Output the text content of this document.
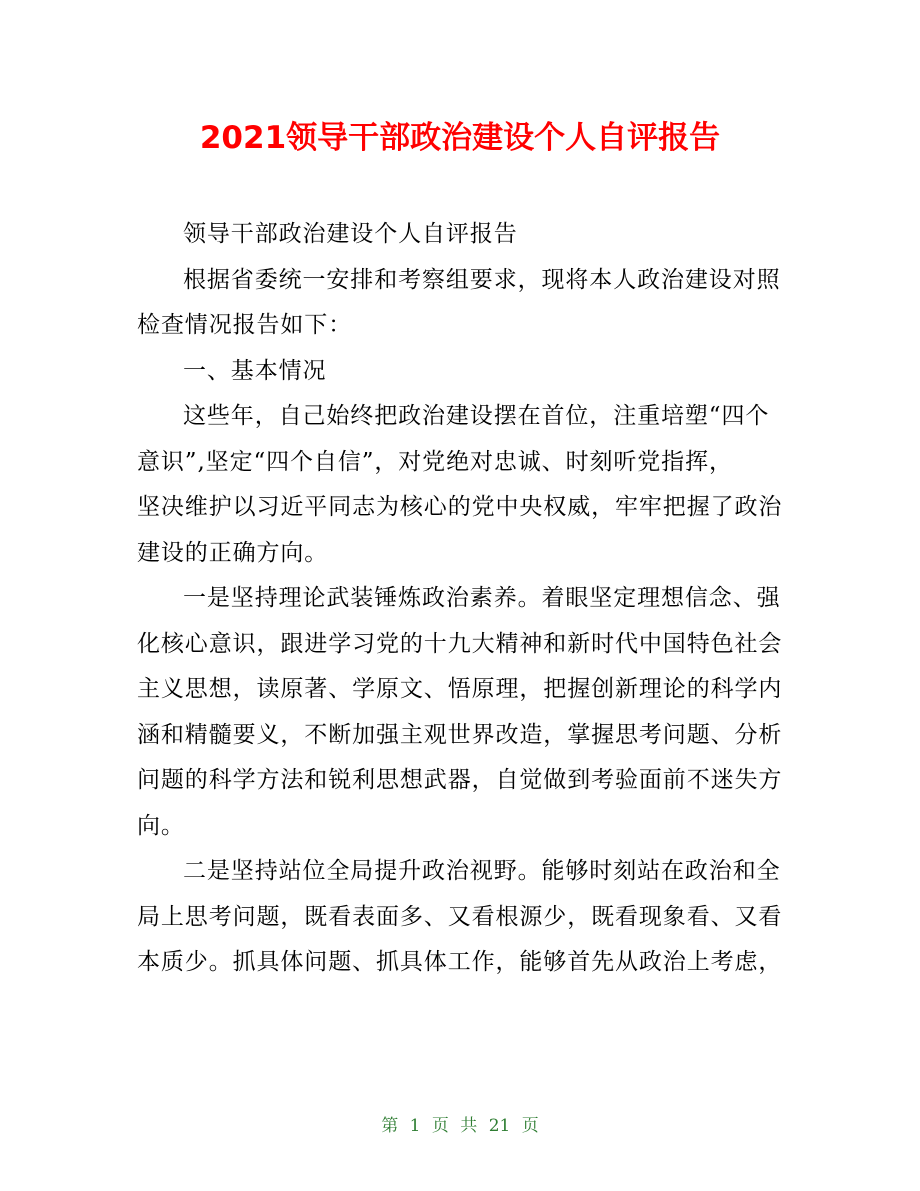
2021领导干部政治建设个人自评报告
领导干部政治建设个人自评报告
根据省委统一安排和考察组要求，现将本人政治建设对照
检查情况报告如下：
一、基本情况
这些年，自己始终把政治建设摆在首位，注重培塑“四个
意识”,坚定“四个自信”，对党绝对忠诚、时刻听党指挥，
坚决维护以习近平同志为核心的党中央权威，牢牢把握了政治
建设的正确方向。
一是坚持理论武装锤炼政治素养。着眼坚定理想信念、强
化核心意识，跟进学习党的十九大精神和新时代中国特色社会
主义思想，读原著、学原文、悟原理，把握创新理论的科学内
涵和精髓要义，不断加强主观世界改造，掌握思考问题、分析
问题的科学方法和锐利思想武器，自觉做到考验面前不迷失方
向。
二是坚持站位全局提升政治视野。能够时刻站在政治和全
局上思考问题，既看表面多、又看根源少，既看现象看、又看
本质少。抓具体问题、抓具体工作，能够首先从政治上考虑，
第 1 页 共 21 页
